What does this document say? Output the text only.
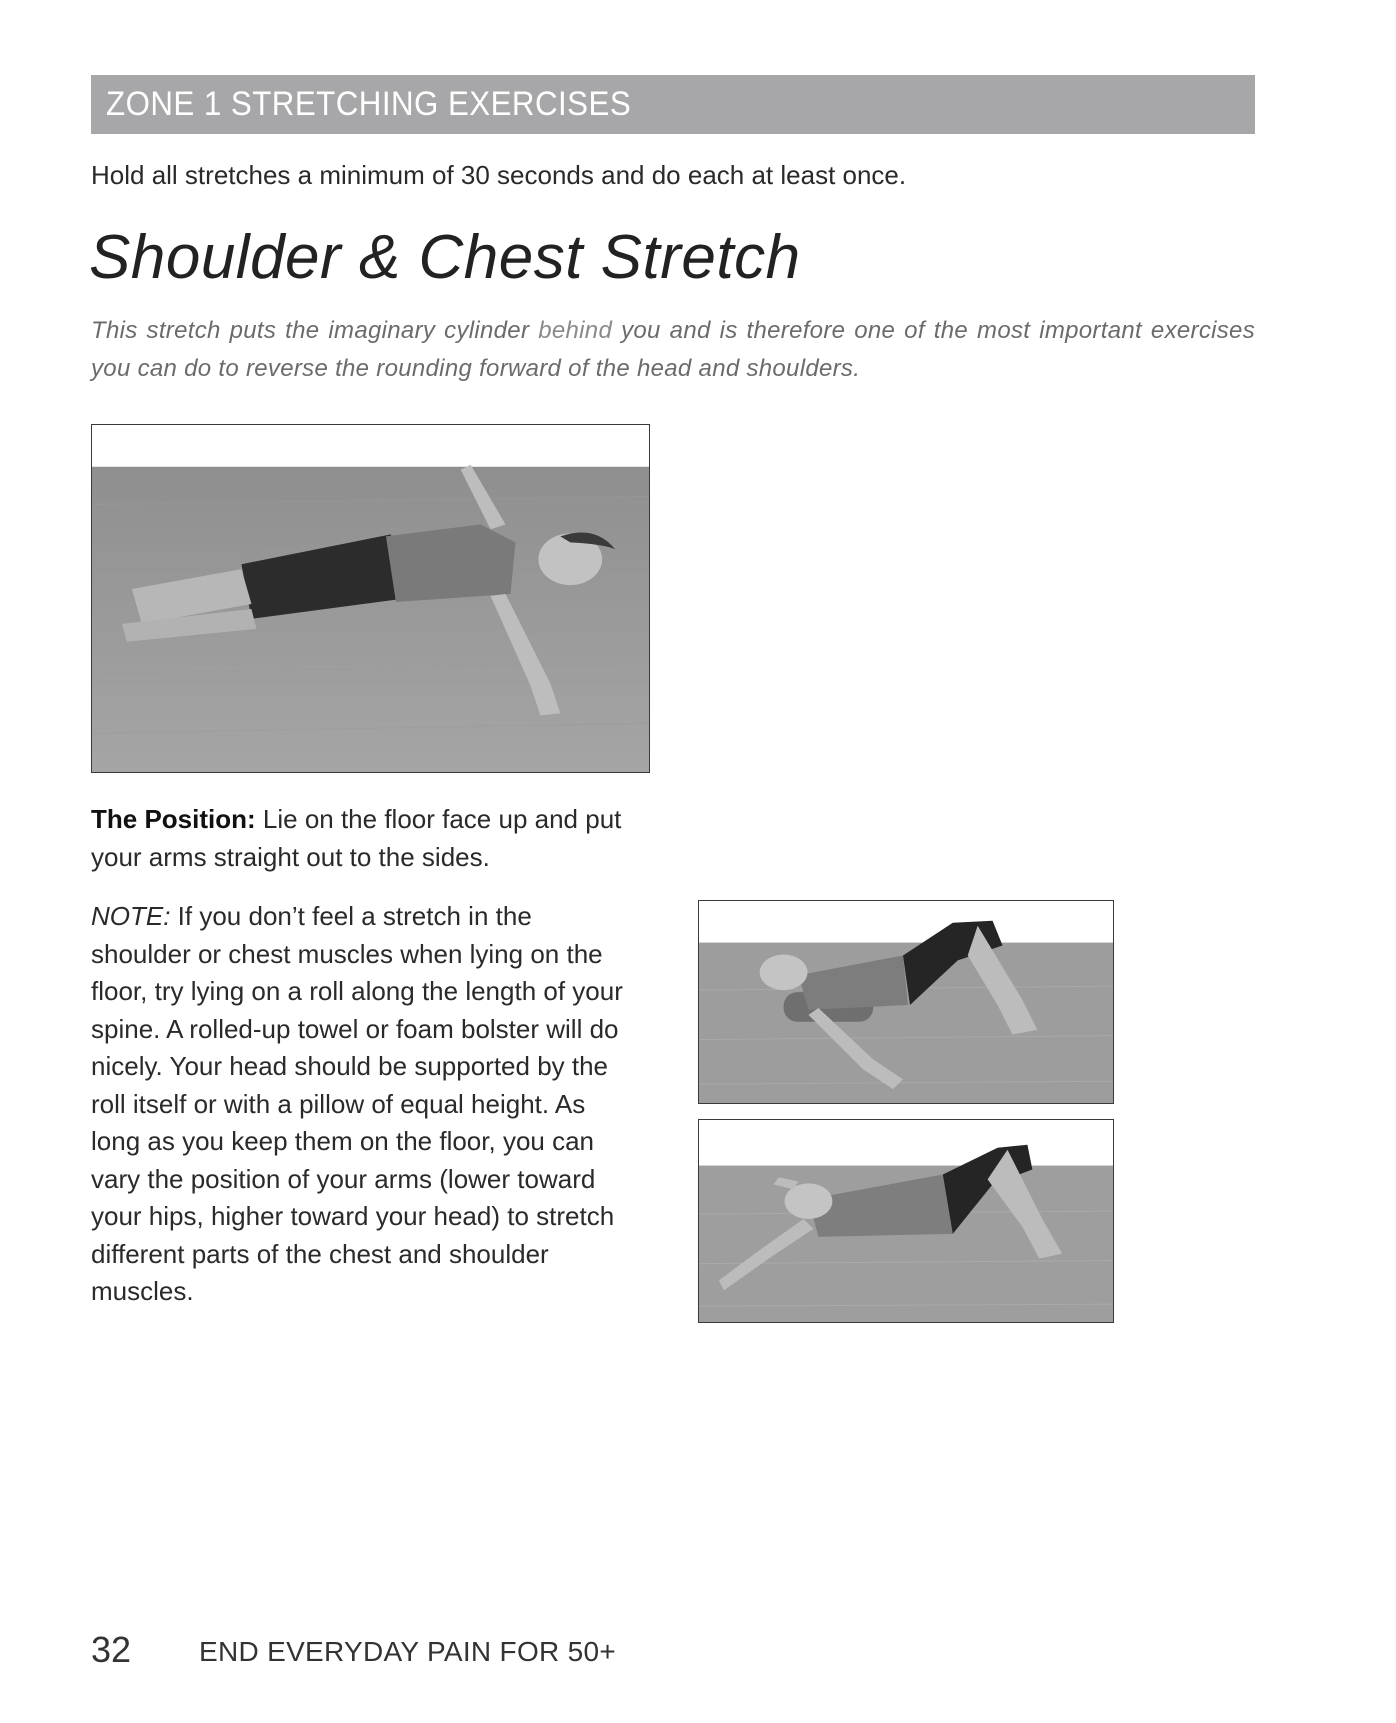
ZONE 1 STRETCHING EXERCISES
Hold all stretches a minimum of 30 seconds and do each at least once.
Shoulder & Chest Stretch
This stretch puts the imaginary cylinder behind you and is therefore one of the most important exercises you can do to reverse the rounding forward of the head and shoulders.
The Position: Lie on the floor face up and put your arms straight out to the sides.
NOTE: If you don’t feel a stretch in the
shoulder or chest muscles when lying on the
floor, try lying on a roll along the length of your
spine. A rolled-up towel or foam bolster will do
nicely. Your head should be supported by the
roll itself or with a pillow of equal height. As
long as you keep them on the floor, you can
vary the position of your arms (lower toward
your hips, higher toward your head) to stretch
different parts of the chest and shoulder
muscles.
32 END EVERYDAY PAIN FOR 50+
